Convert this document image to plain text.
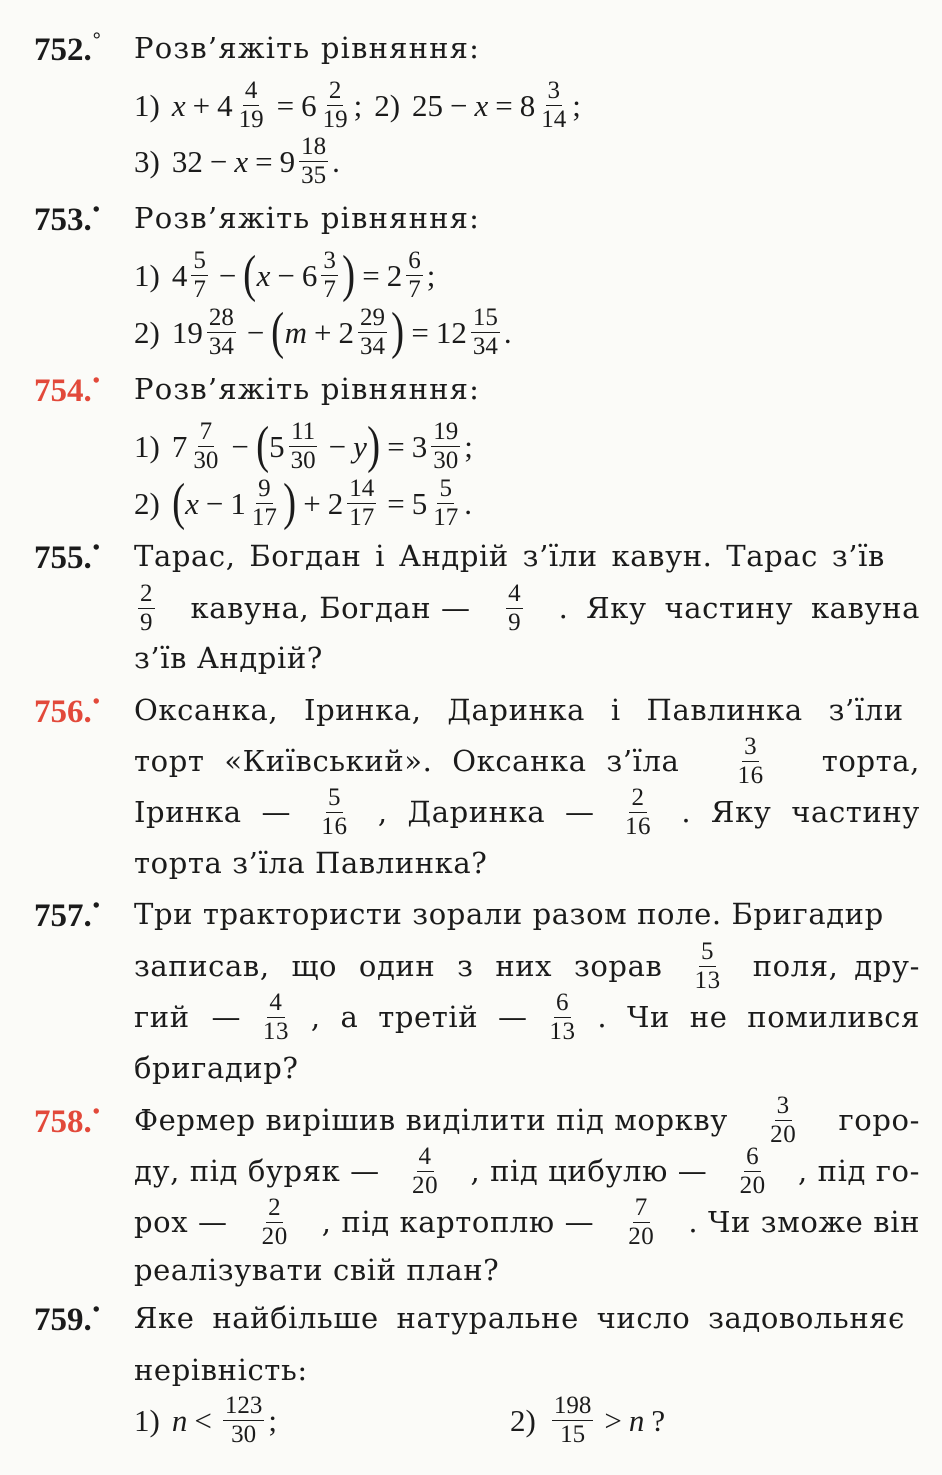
752.°	Розв’яжіть рівняння:
1) $x + 4 \frac{4}{19} = 6 \frac{2}{19}$ ; 2) $25 - x = 8 \frac{3}{14}$ ;
3) $32 - x = 9 \frac{18}{35}$ .
753.•	Розв’яжіть рівняння:
1) $4 \frac{5}{7}$ − ( $x - 6 \frac{3}{7}$ ) = $2 \frac{6}{7}$ ;
2) $19 \frac{28}{34}$ − ( $m + 2 \frac{29}{34}$ ) = $12 \frac{15}{34}$ .
754.•	Розв’яжіть рівняння:
1) $7 \frac{7}{30}$ − ( $5 \frac{11}{30} - y$ ) = $3 \frac{19}{30}$ ;
2) ( $x - 1 \frac{9}{17}$ ) + $2 \frac{14}{17} = 5 \frac{5}{17}$ .
755.•	Тарас, Богдан і Андрій з’їли кавун. Тарас з’їв
$\frac{2}{9}$ кавуна, Богдан — $\frac{4}{9}$ . Яку частину кавуна
з’їв Андрій?
756.•	Оксанка, Іринка, Даринка і Павлинка з’їли
торт «Київський». Оксанка з’їла $\frac{3}{16}$ торта,
Іринка — $\frac{5}{16}$ , Даринка — $\frac{2}{16}$ . Яку частину
торта з’їла Павлинка?
757.•	Три трактористи зорали разом поле. Бригадир
записав, що один з них зорав $\frac{5}{13}$ поля, дру-
гий — $\frac{4}{13}$ , а третій — $\frac{6}{13}$ . Чи не помилився
бригадир?
758.•	Фермер вирішив виділити під моркву $\frac{3}{20}$ горо-
ду, під буряк — $\frac{4}{20}$ , під цибулю — $\frac{6}{20}$ , під го-
рох — $\frac{2}{20}$ , під картоплю — $\frac{7}{20}$ . Чи зможе він
реалізувати свій план?
759.•	Яке найбільше натуральне число задовольняє
нерівність:
1) $n < \frac{123}{30}$ ;	$2) \frac{198}{15} > n$ ?
